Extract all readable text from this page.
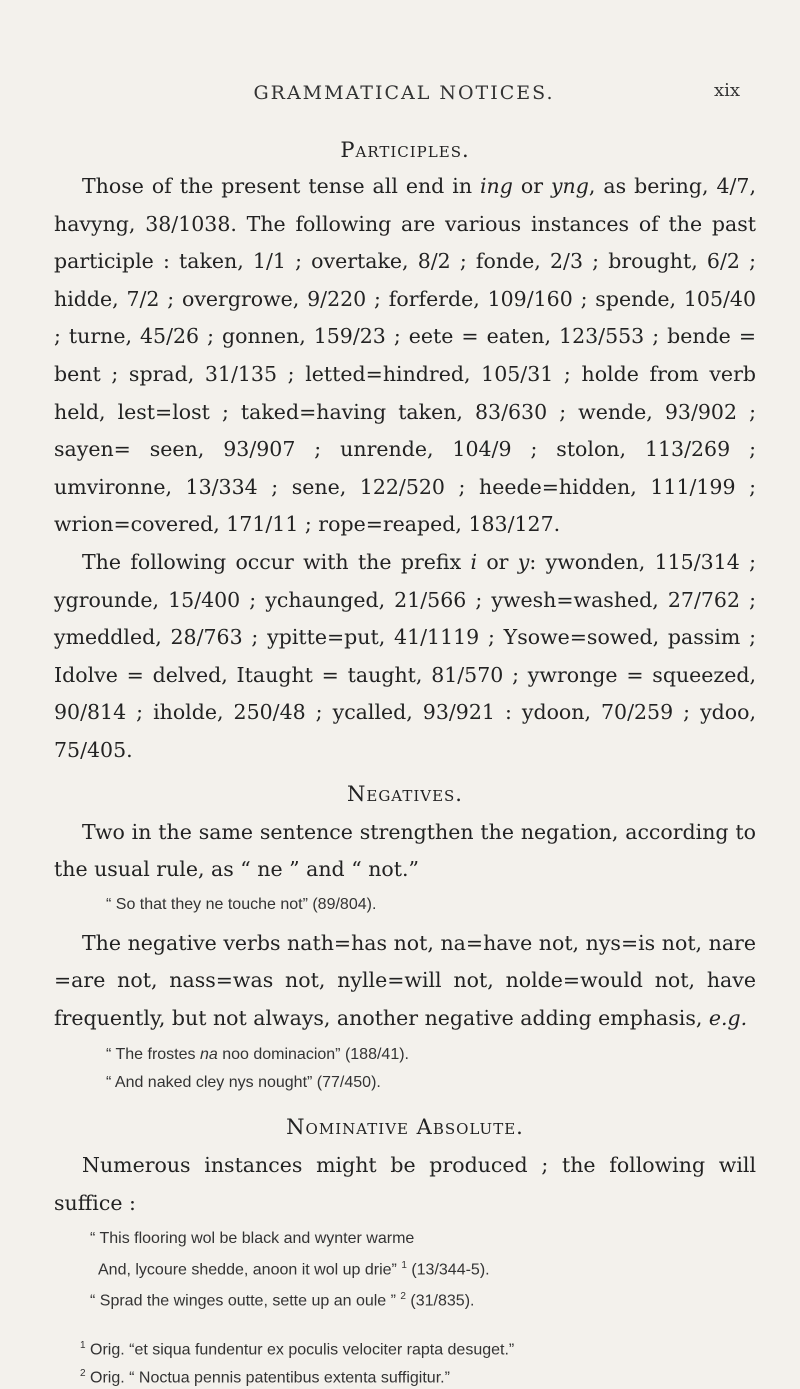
GRAMMATICAL NOTICES.	xix
Participles.

Those of the present tense all end in ing or yng, as bering, 4/7, havyng, 38/1038. The following are various instances of the past participle : taken, 1/1 ; overtake, 8/2 ; fonde, 2/3 ; brought, 6/2 ; hidde, 7/2 ; overgrowe, 9/220 ; forferde, 109/160 ; spende, 105/40 ; turne, 45/26 ; gonnen, 159/23 ; eete = eaten, 123/553 ; bende = bent ; sprad, 31/135 ; letted=hindred, 105/31 ; holde from verb held, lest=lost ; taked=having taken, 83/630 ; wende, 93/902 ; sayen= seen, 93/907 ; unrende, 104/9 ; stolon, 113/269 ; umvironne, 13/334 ; sene, 122/520 ; heede=hidden, 111/199 ; wrion=covered, 171/11 ; rope=reaped, 183/127.

The following occur with the prefix i or y: ywonden, 115/314 ; ygrounde, 15/400 ; ychaunged, 21/566 ; ywesh=washed, 27/762 ; ymeddled, 28/763 ; ypitte=put, 41/1119 ; Ysowe=sowed, passim ; Idolve = delved, Itaught = taught, 81/570 ; ywronge = squeezed, 90/814 ; iholde, 250/48 ; ycalled, 93/921 : ydoon, 70/259 ; ydoo, 75/405.

Negatives.

Two in the same sentence strengthen the negation, according to the usual rule, as “ ne ” and “ not.”

“ So that they ne touche not” (89/804).

The negative verbs nath=has not, na=have not, nys=is not, nare =are not, nass=was not, nylle=will not, nolde=would not, have frequently, but not always, another negative adding emphasis, e.g.

“ The frostes na noo dominacion” (188/41).
“ And naked cley nys nought” (77/450).
Nominative Absolute.

Numerous instances might be produced ; the following will suffice :

“ This flooring wol be black and wynter warme
And, lycoure shedde, anoon it wol up drie” $^1$ (13/344-5).
“ Sprad the winges outte, sette up an oule ” $^2$ (31/835).
$^1$ Orig. “et siqua fundentur ex poculis velociter rapta desuget.”
$^2$ Orig. “ Noctua pennis patentibus extenta suffigitur.”
